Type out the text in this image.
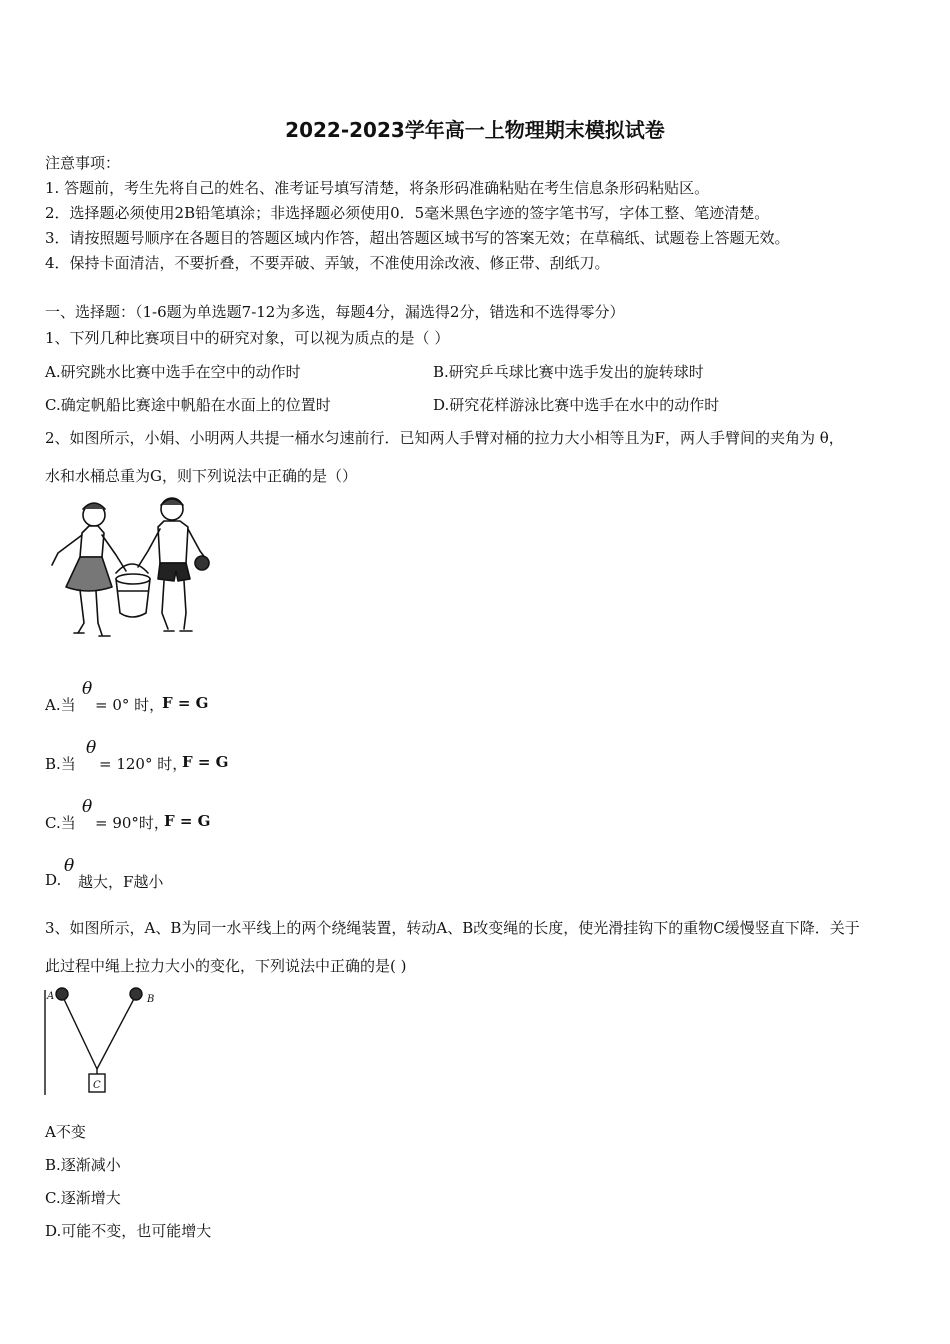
2022-2023学年高一上物理期末模拟试卷
注意事项：
1. 答题前，考生先将自己的姓名、准考证号填写清楚，将条形码准确粘贴在考生信息条形码粘贴区。
2．选择题必须使用2B铅笔填涂；非选择题必须使用0．5毫米黑色字迹的签字笔书写，字体工整、笔迹清楚。
3．请按照题号顺序在各题目的答题区域内作答，超出答题区域书写的答案无效；在草稿纸、试题卷上答题无效。
4．保持卡面清洁，不要折叠，不要弄破、弄皱，不准使用涂改液、修正带、刮纸刀。
一、选择题：（1-6题为单选题7-12为多选，每题4分，漏选得2分，错选和不选得零分）
1、下列几种比赛项目中的研究对象，可以视为质点的是（ ）
A.研究跳水比赛中选手在空中的动作时	B.研究乒乓球比赛中选手发出的旋转球时
C.确定帆船比赛途中帆船在水面上的位置时	D.研究花样游泳比赛中选手在水中的动作时
2、如图所示，小娟、小明两人共提一桶水匀速前行．已知两人手臂对桶的拉力大小相等且为F，两人手臂间的夹角为 θ，
水和水桶总重为G，则下列说法中正确的是（）
A.当
θ
= 0° 时，
F = G
B.当
θ
= 120° 时，
F = G
C.当
θ
= 90°时，
F = G
D.
θ
越大，F越小
3、如图所示，A、B为同一水平线上的两个绕绳装置，转动A、B改变绳的长度，使光滑挂钩下的重物C缓慢竖直下降．关于
此过程中绳上拉力大小的变化，下列说法中正确的是( )
A	B
C
A不变
B.逐渐减小
C.逐渐增大
D.可能不变，也可能增大
